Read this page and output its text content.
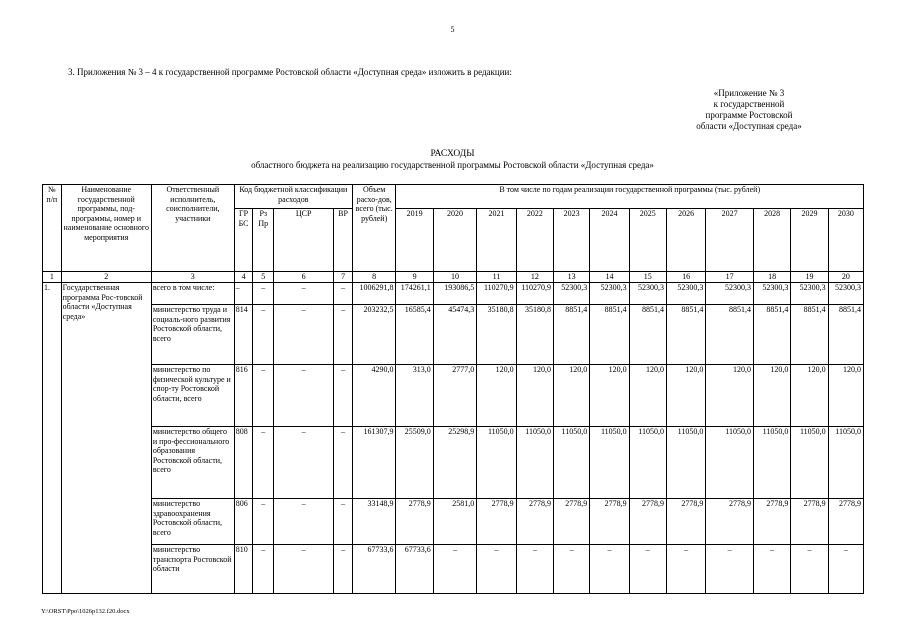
5
3. Приложения № 3 – 4 к государственной программе Ростовской области «Доступная среда» изложить в редакции:
«Приложение № 3
к государственной
программе Ростовской
области «Доступная среда»
РАСХОДЫ
областного бюджета на реализацию государственной программы Ростовской области «Доступная среда»
№ п/п	Наименование государственной программы, под-программы, номер и наименование основного мероприятия	Ответственный исполнитель, соисполнители, участники	Код бюджетной классификации расходов				Объем расхо-дов, всего (тыс. рублей)	В том числе по годам реализации государственной программы (тыс. рублей)											
			ГР БС	Рз Пр	ЦСР	ВР		2019	2020	2021	2022	2023	2024	2025	2026	2027	2028	2029	2030
1	2	3	4	5	6	7	8	9	10	11	12	13	14	15	16	17	18	19	20
1.	Государственная программа Рос-товской области «Доступная среда»	всего в том числе:	–	–	–	–	1006291,8	174261,1	193086,5	110270,9	110270,9	52300,3	52300,3	52300,3	52300,3	52300,3	52300,3	52300,3	52300,3
		министерство труда и социаль-ного развития Ростовской области, всего	814	–	–	–	203232,5	16585,4	45474,3	35180,8	35180,8	8851,4	8851,4	8851,4	8851,4	8851,4	8851,4	8851,4	8851,4
		министерство по физической культуре и спор-ту Ростовской области, всего	816	–	–	–	4290,0	313,0	2777,0	120,0	120,0	120,0	120,0	120,0	120,0	120,0	120,0	120,0	120,0
		министерство общего и про-фессионального образования Ростовской области, всего	808	–	–	–	161307,9	25509,0	25298,9	11050,0	11050,0	11050,0	11050,0	11050,0	11050,0	11050,0	11050,0	11050,0	11050,0
		министерство здравоохранения Ростовской области, всего	806	–	–	–	33148,9	2778,9	2581,0	2778,9	2778,9	2778,9	2778,9	2778,9	2778,9	2778,9	2778,9	2778,9	2778,9
		министерство транспорта Ростовской области	810	–	–	–	67733,6	67733,6	–	–	–	–	–	–	–	–	–	–	–
Y:\ORST\Ppo\1026p132.f20.docx
